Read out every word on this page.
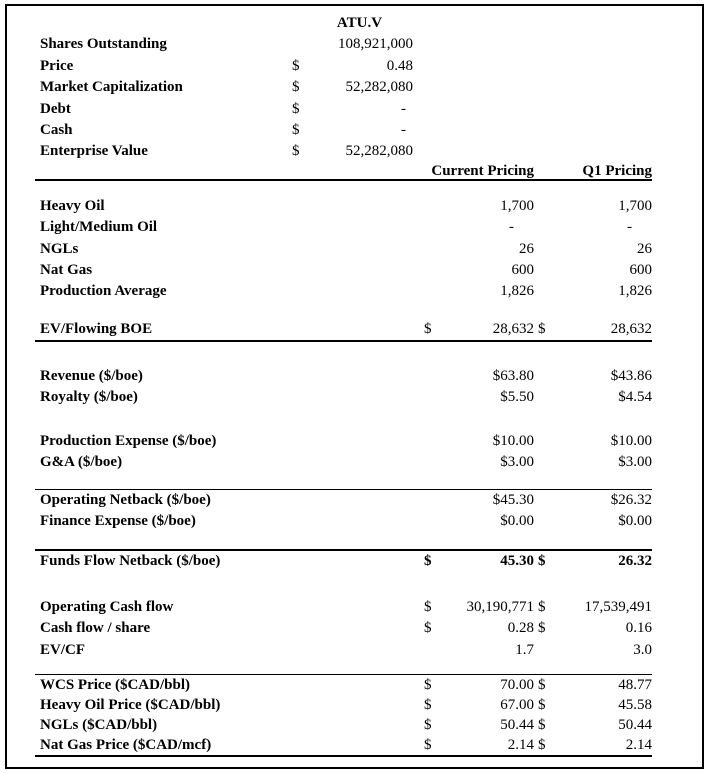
ATU.V
Shares Outstanding	108,921,000
Price	$	0.48
Market Capitalization	$	52,282,080
Debt	$	-
Cash	$	-
Enterprise Value	$	52,282,080
Current Pricing	Q1 Pricing
Heavy Oil	1,700	1,700
Light/Medium Oil	-	-
NGLs	26	26
Nat Gas	600	600
Production Average	1,826	1,826
EV/Flowing BOE	$	28,632 $	28,632
Revenue ($/boe)	$63.80	$43.86
Royalty ($/boe)	$5.50	$4.54
Production Expense ($/boe)	$10.00	$10.00
G&A ($/boe)	$3.00	$3.00
Operating Netback ($/boe)	$45.30	$26.32
Finance Expense ($/boe)	$0.00	$0.00
Funds Flow Netback ($/boe)	$	45.30 $	26.32
Operating Cash flow	$	30,190,771 $	17,539,491
Cash flow / share	$	0.28 $	0.16
EV/CF	1.7	3.0
WCS Price ($CAD/bbl)	$	70.00 $	48.77
Heavy Oil Price ($CAD/bbl)	$	67.00 $	45.58
NGLs ($CAD/bbl)	$	50.44 $	50.44
Nat Gas Price ($CAD/mcf)	$	2.14 $	2.14
